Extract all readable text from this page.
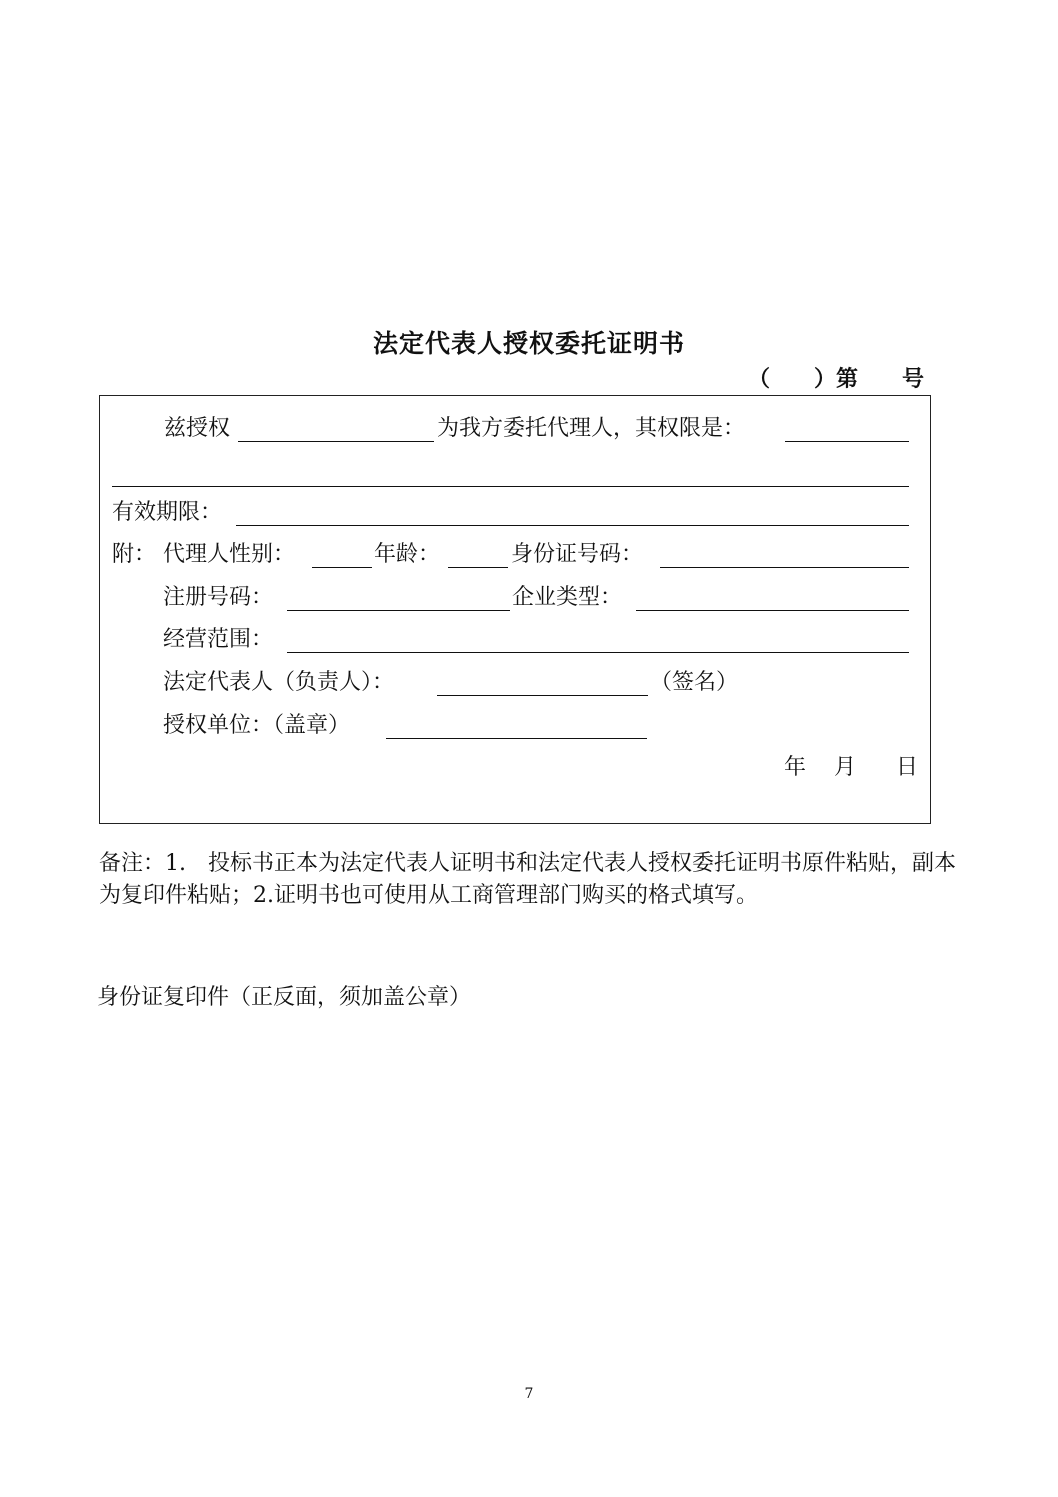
法定代表人授权委托证明书
（　　）第　　号
兹授权	为我方委托代理人，其权限是：
有效期限：
附： 代理人性别：	年龄：	身份证号码：
注册号码：	企业类型：
经营范围：
法定代表人（负责人）：	（签名）
授权单位：（盖章）
年 月 日
备注：1.　投标书正本为法定代表人证明书和法定代表人授权委托证明书原件粘贴，副本为复印件粘贴；2.证明书也可使用从工商管理部门购买的格式填写。
身份证复印件（正反面，须加盖公章）
7
